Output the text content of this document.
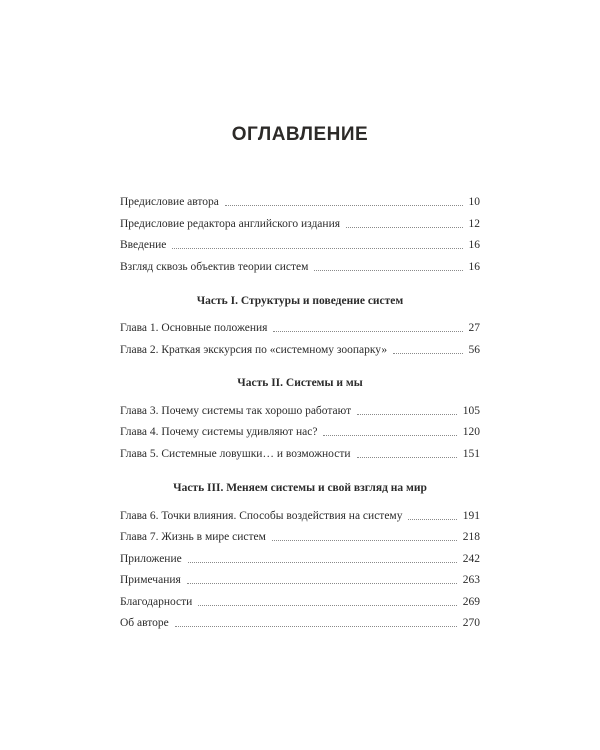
ОГЛАВЛЕНИЕ
Предисловие автора	10
Предисловие редактора английского издания	12
Введение	16
Взгляд сквозь объектив теории систем	16
Часть I. Структуры и поведение систем
Глава 1. Основные положения	27
Глава 2. Краткая экскурсия по «системному зоопарку»	56
Часть II. Системы и мы
Глава 3. Почему системы так хорошо работают	105
Глава 4. Почему системы удивляют нас?	120
Глава 5. Системные ловушки… и возможности	151
Часть III. Меняем системы и свой взгляд на мир
Глава 6. Точки влияния. Способы воздействия на систему	191
Глава 7. Жизнь в мире систем	218
Приложение	242
Примечания	263
Благодарности	269
Об авторе	270
